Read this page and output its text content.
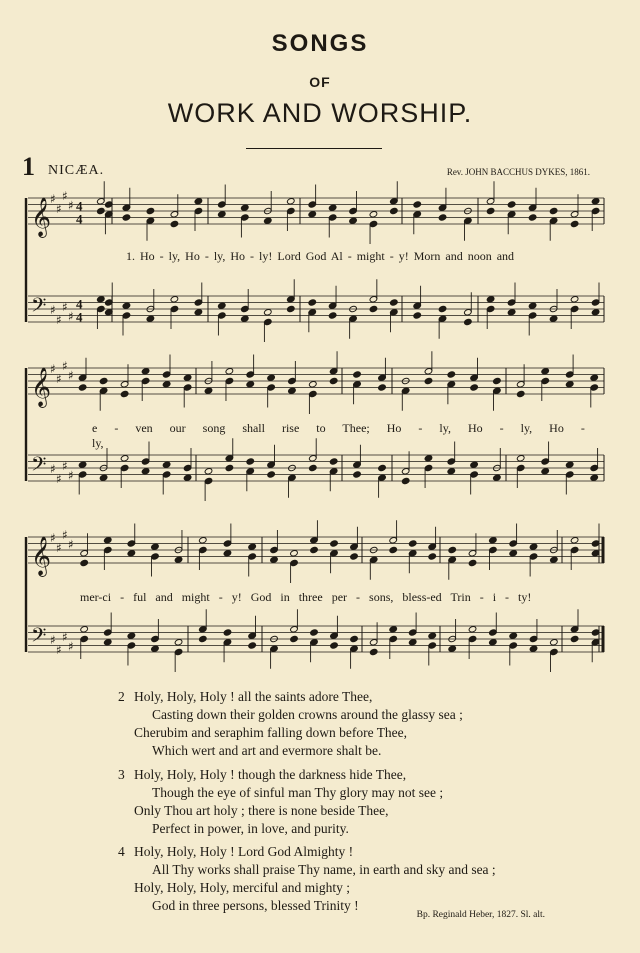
SONGS
OF
WORK AND WORSHIP.
1 NICÆA.	Rev. JOHN BACCHUS DYKES, 1861.
𝄞
♯
♯
♯
♯ 4
4
𝄢 ♯
♯
♯
♯
4
4
𝄞
♯
♯
♯
♯
𝄢 ♯
♯
♯
♯
𝄞
♯
♯
♯
♯
𝄢 ♯
♯
♯
♯
1. Ho - ly, Ho - ly, Ho - ly! Lord God Al - might - y! Morn and noon and
e - ven our song shall rise to Thee; Ho - ly, Ho - ly, Ho - ly,
mer-ci - ful and might - y! God in three per - sons, bless-ed Trin - i - ty!
2 Holy, Holy, Holy ! all the saints adore Thee,
Casting down their golden crowns around the glassy sea ;
Cherubim and seraphim falling down before Thee,
Which wert and art and evermore shalt be.
3 Holy, Holy, Holy ! though the darkness hide Thee,
Though the eye of sinful man Thy glory may not see ;
Only Thou art holy ; there is none beside Thee,
Perfect in power, in love, and purity.
4 Holy, Holy, Holy ! Lord God Almighty !
All Thy works shall praise Thy name, in earth and sky and sea ;
Holy, Holy, Holy, merciful and mighty ;
God in three persons, blessed Trinity !
Bp. Reginald Heber, 1827. Sl. alt.
